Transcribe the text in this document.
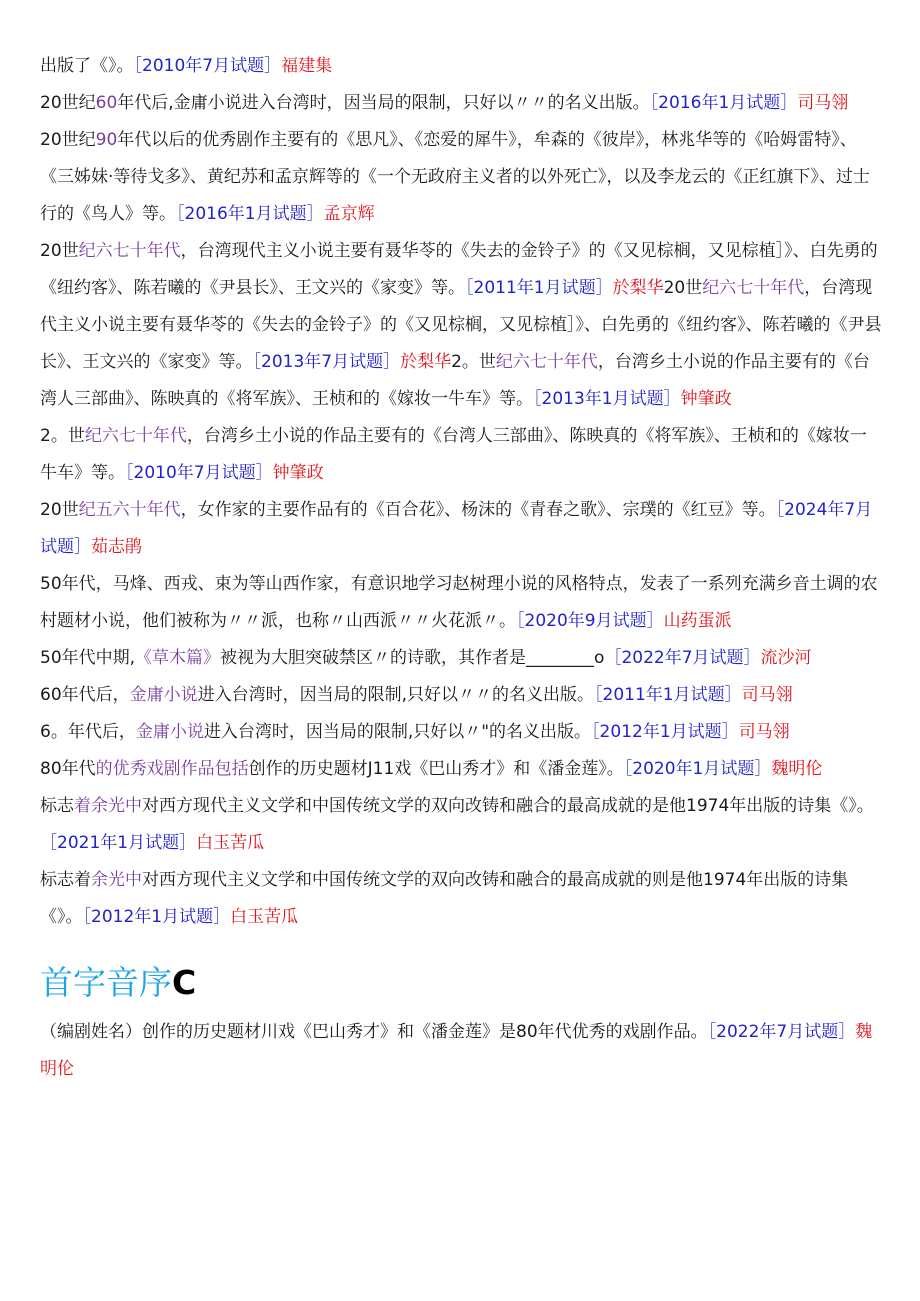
出版了《》。［2010年7月试题］福建集

20世纪60年代后,金庸小说进入台湾时，因当局的限制，只好以〃〃的名义出版。［2016年1月试题］司马翎

20世纪90年代以后的优秀剧作主要有的《思凡》、《恋爱的犀牛》，牟森的《彼岸》，林兆华等的《哈姆雷特》、《三姊妹·等待戈多》、黄纪苏和孟京辉等的《一个无政府主义者的以外死亡》，以及李龙云的《正红旗下》、过士行的《鸟人》等。［2016年1月试题］孟京辉

20世纪六七十年代，台湾现代主义小说主要有聂华苓的《失去的金铃子》的《又见棕榈，又见棕植］》、白先勇的《纽约客》、陈若曦的《尹县长》、王文兴的《家变》等。［2011年1月试题］於梨华20世纪六七十年代，台湾现代主义小说主要有聂华苓的《失去的金铃子》的《又见棕榈，又见棕植］》、白先勇的《纽约客》、陈若曦的《尹县长》、王文兴的《家变》等。［2013年7月试题］於梨华2。世纪六七十年代，台湾乡土小说的作品主要有的《台湾人三部曲》、陈映真的《将军族》、王桢和的《嫁妆一牛车》等。［2013年1月试题］钟肇政

2。世纪六七十年代，台湾乡土小说的作品主要有的《台湾人三部曲》、陈映真的《将军族》、王桢和的《嫁妆一牛车》等。［2010年7月试题］钟肇政

20世纪五六十年代，女作家的主要作品有的《百合花》、杨沫的《青春之歌》、宗璞的《红豆》等。［2024年7月试题］茹志鹃

50年代，马烽、西戎、束为等山西作家，有意识地学习赵树理小说的风格特点，发表了一系列充满乡音土调的农村题材小说，他们被称为〃〃派，也称〃山西派〃〃火花派〃。［2020年9月试题］山药蛋派

50年代中期,《草木篇》被视为大胆突破禁区〃的诗歌，其作者是________o［2022年7月试题］流沙河

60年代后，金庸小说进入台湾时，因当局的限制,只好以〃〃的名义出版。［2011年1月试题］司马翎

6。年代后，金庸小说进入台湾时，因当局的限制,只好以〃"的名义出版。［2012年1月试题］司马翎

80年代的优秀戏剧作品包括创作的历史题材J11戏《巴山秀才》和《潘金莲》。［2020年1月试题］魏明伦

标志着余光中对西方现代主义文学和中国传统文学的双向改铸和融合的最高成就的是他1974年出版的诗集《》。［2021年1月试题］白玉苦瓜

标志着余光中对西方现代主义文学和中国传统文学的双向改铸和融合的最高成就的则是他1974年出版的诗集《》。［2012年1月试题］白玉苦瓜

首字音序C

（编剧姓名）创作的历史题材川戏《巴山秀才》和《潘金莲》是80年代优秀的戏剧作品。［2022年7月试题］魏明伦
